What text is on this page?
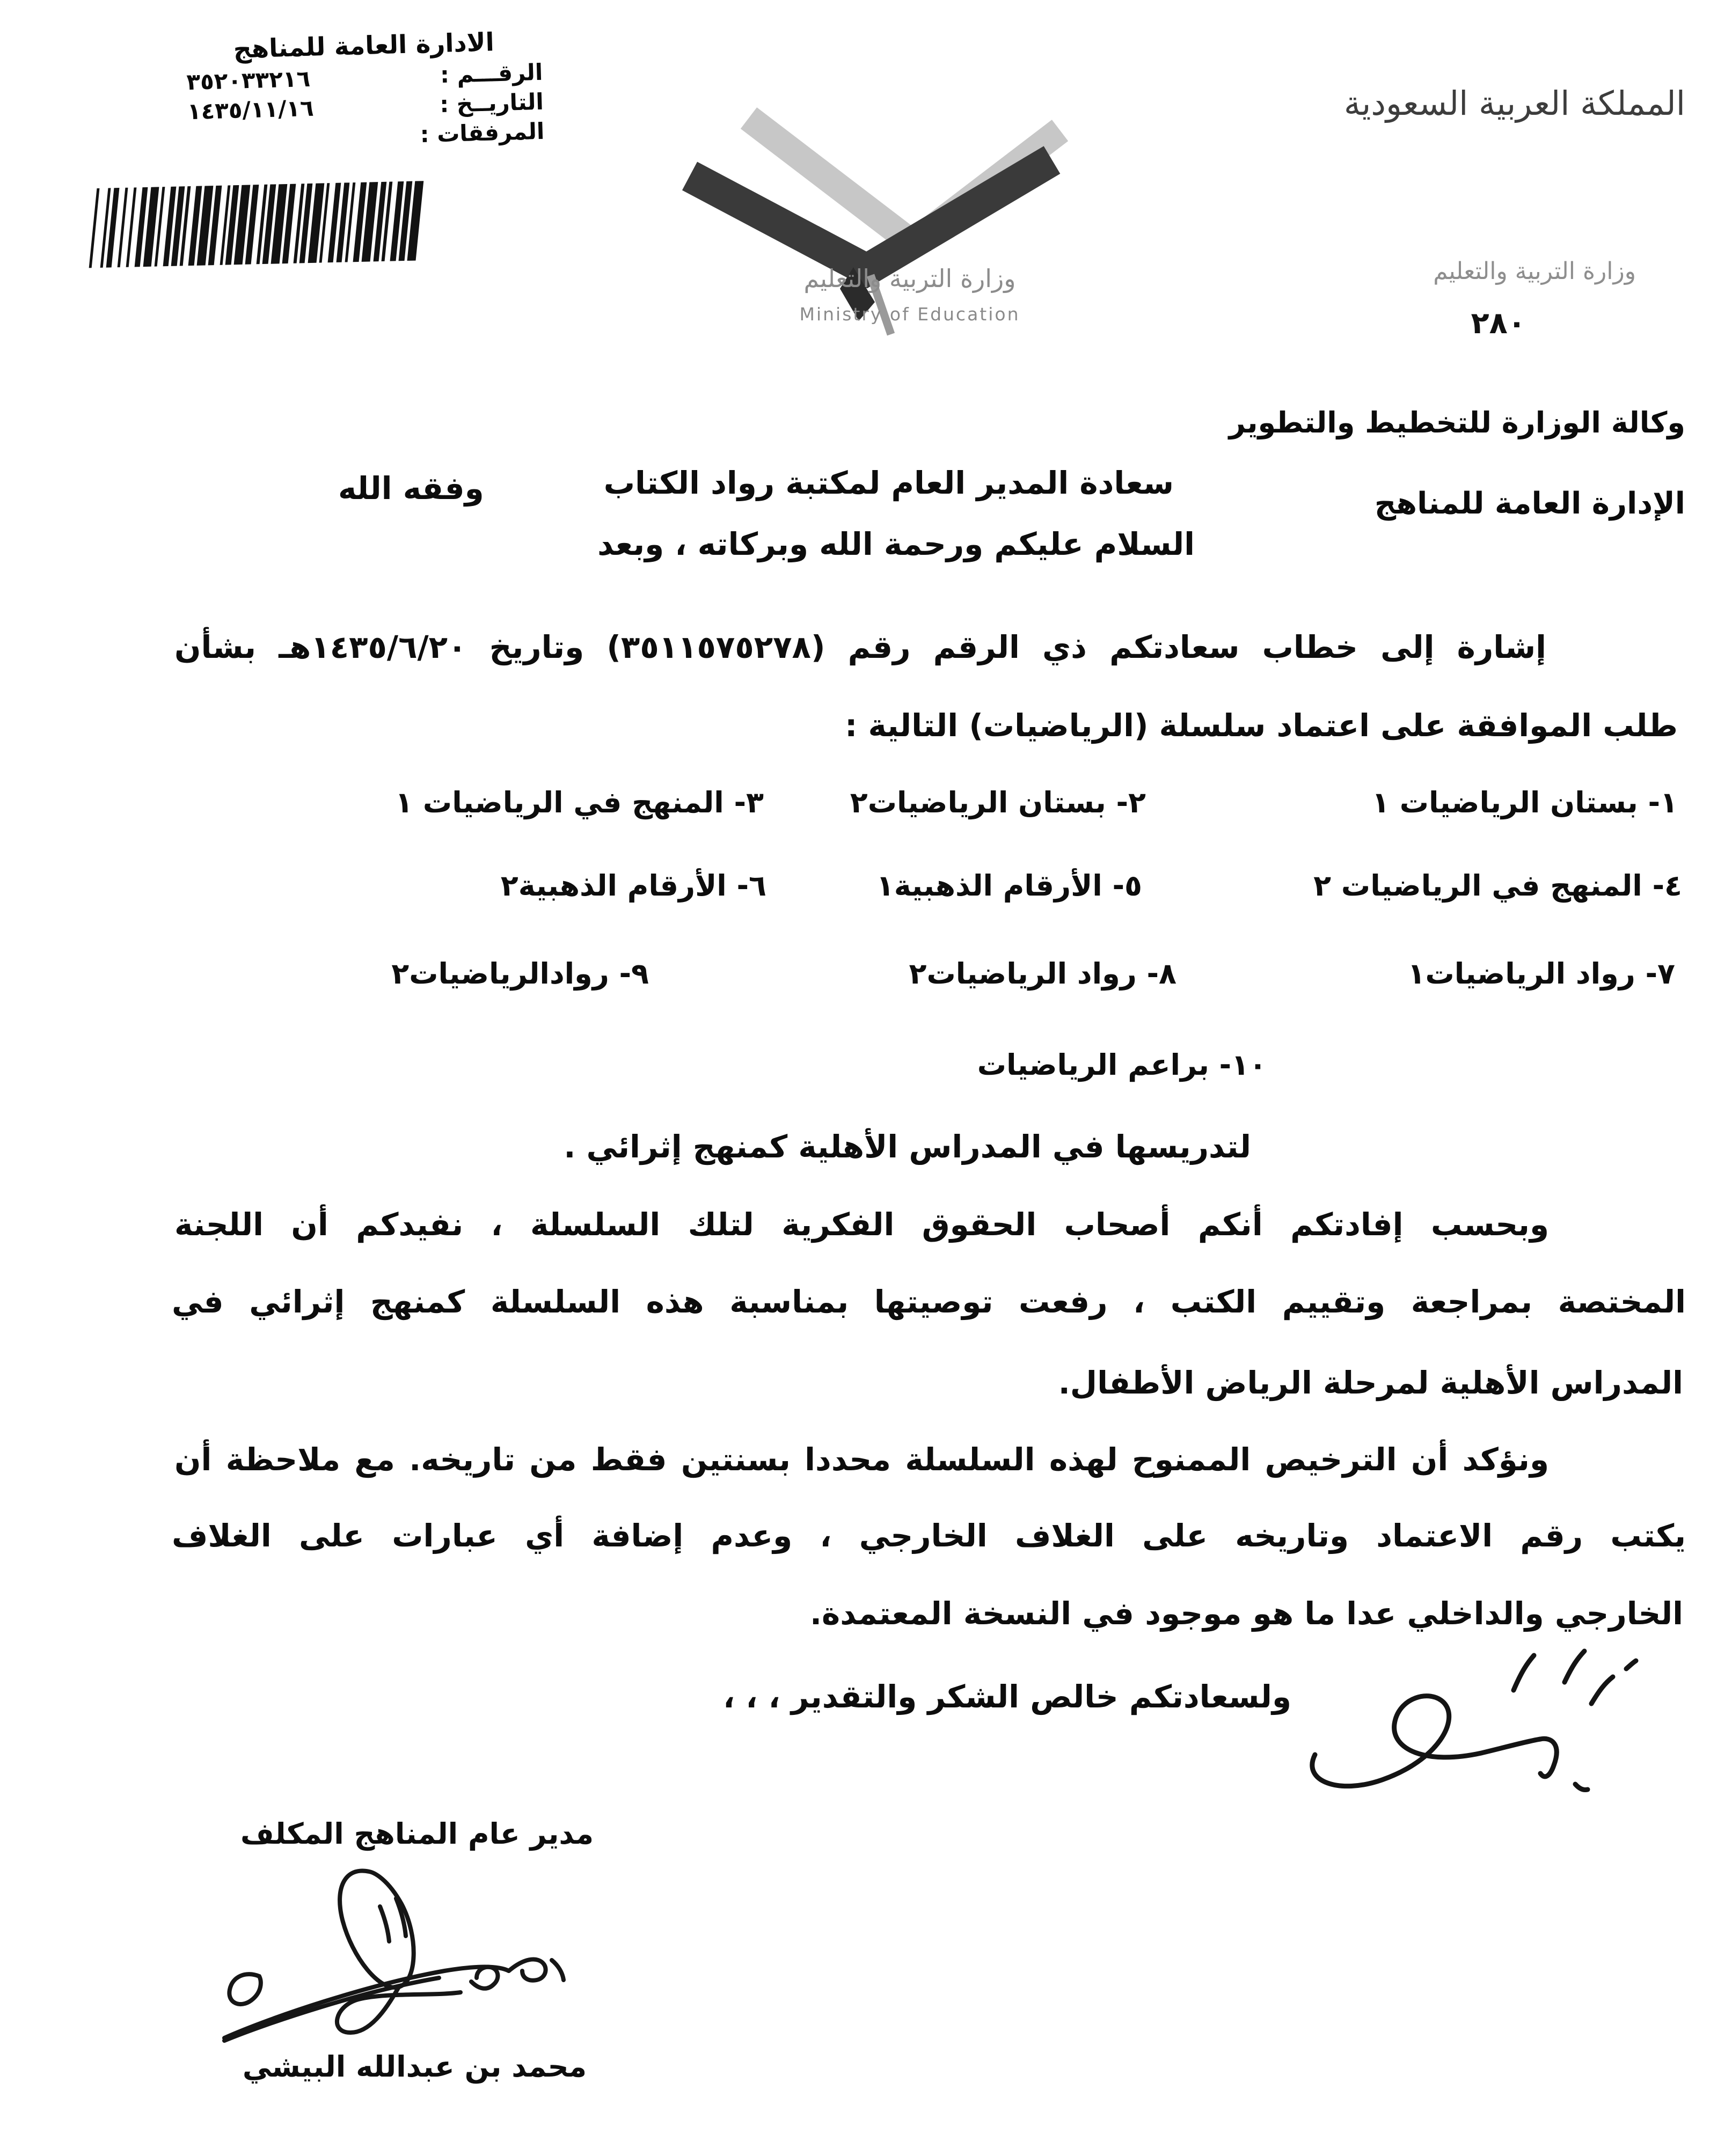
الادارة العامة للمناهج
الرقـــم :
٣٥٢٠٣٣٢١٦
التاريــخ :
١٤٣٥/١١/١٦
المرفقات :
المملكة العربية السعودية
وزارة التربية والتعليم
٢٨٠
وكالة الوزارة للتخطيط والتطوير
الإدارة العامة للمناهج
وزارة التربية والتعليم
Ministry of Education
سعادة المدير العام لمكتبة رواد الكتاب
وفقه الله
السلام عليكم ورحمة الله وبركاته ، وبعد
إشارة إلى خطاب سعادتكم ذي الرقم رقم (٣٥١١٥٧٥٢٧٨) وتاريخ ١٤٣٥/٦/٢٠هـ بشأن
طلب الموافقة على اعتماد سلسلة (الرياضيات) التالية :
١- بستان الرياضيات ١
٢- بستان الرياضيات٢
٣- المنهج في الرياضيات ١
٤- المنهج في الرياضيات ٢
٥- الأرقام الذهبية١
٦- الأرقام الذهبية٢
٧- رواد الرياضيات١
٨- رواد الرياضيات٢
٩- روادالرياضيات٢
١٠- براعم الرياضيات
لتدريسها في المدراس الأهلية كمنهج إثرائي .
وبحسب إفادتكم أنكم أصحاب الحقوق الفكرية لتلك السلسلة ، نفيدكم أن اللجنة
المختصة بمراجعة وتقييم الكتب ، رفعت توصيتها بمناسبة هذه السلسلة كمنهج إثرائي في
المدراس الأهلية لمرحلة الرياض الأطفال.
ونؤكد أن الترخيص الممنوح لهذه السلسلة محددا بسنتين فقط من تاريخه. مع ملاحظة أن
يكتب رقم الاعتماد وتاريخه على الغلاف الخارجي ، وعدم إضافة أي عبارات على الغلاف
الخارجي والداخلي عدا ما هو موجود في النسخة المعتمدة.
ولسعادتكم خالص الشكر والتقدير ، ، ،
مدير عام المناهج المكلف
محمد بن عبدالله البيشي
